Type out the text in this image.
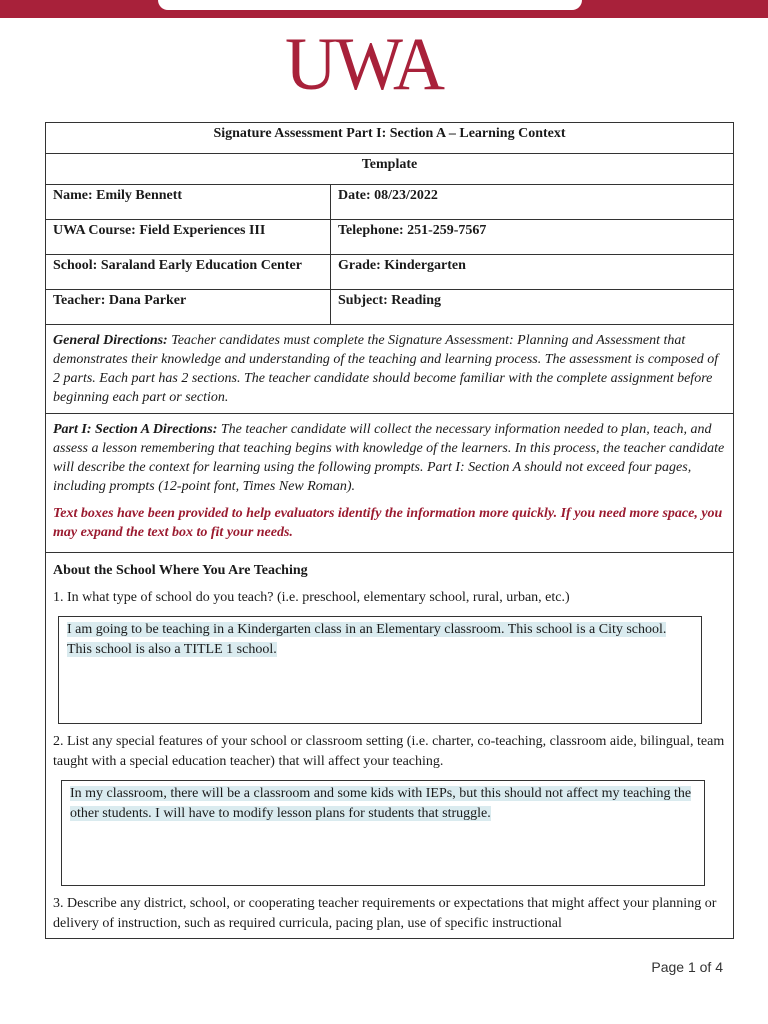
UWA
Signature Assessment Part I: Section A – Learning Context
Template
Name: Emily Bennett	Date: 08/23/2022
UWA Course: Field Experiences III	Telephone: 251-259-7567
School: Saraland Early Education Center	Grade: Kindergarten
Teacher: Dana Parker	Subject: Reading
General Directions: Teacher candidates must complete the Signature Assessment: Planning and Assessment that demonstrates their knowledge and understanding of the teaching and learning process. The assessment is composed of 2 parts. Each part has 2 sections. The teacher candidate should become familiar with the complete assignment before beginning each part or section.
Part I: Section A Directions: The teacher candidate will collect the necessary information needed to plan, teach, and assess a lesson remembering that teaching begins with knowledge of the learners. In this process, the teacher candidate will describe the context for learning using the following prompts. Part I: Section A should not exceed four pages, including prompts (12-point font, Times New Roman).
Text boxes have been provided to help evaluators identify the information more quickly. If you need more space, you may expand the text box to fit your needs.
About the School Where You Are Teaching
1. In what type of school do you teach? (i.e. preschool, elementary school, rural, urban, etc.)
I am going to be teaching in a Kindergarten class in an Elementary classroom. This school is a City school. This school is also a TITLE 1 school.
2. List any special features of your school or classroom setting (i.e. charter, co-teaching, classroom aide, bilingual, team taught with a special education teacher) that will affect your teaching.
In my classroom, there will be a classroom and some kids with IEPs, but this should not affect my teaching the other students. I will have to modify lesson plans for students that struggle.
3. Describe any district, school, or cooperating teacher requirements or expectations that might affect your planning or delivery of instruction, such as required curricula, pacing plan, use of specific instructional
Page 1 of 4
